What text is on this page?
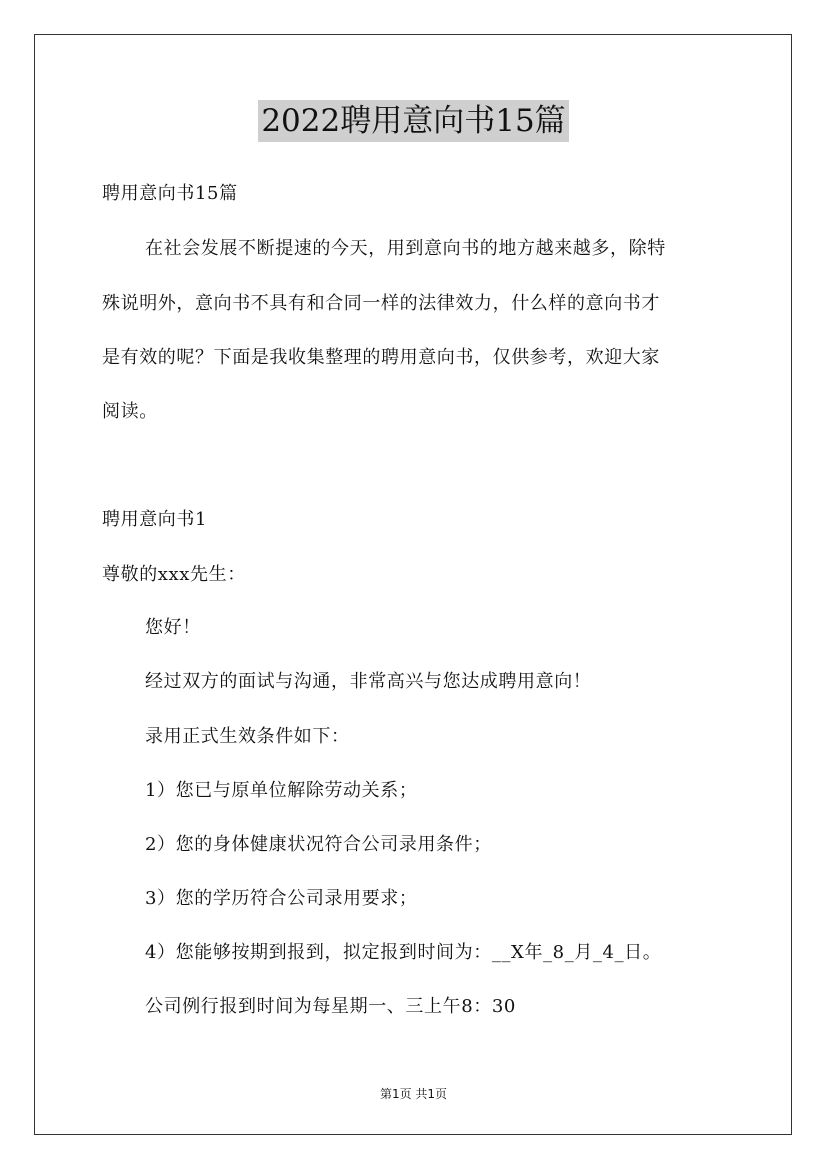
2022聘用意向书15篇
聘用意向书15篇
在社会发展不断提速的今天，用到意向书的地方越来越多，除特
殊说明外，意向书不具有和合同一样的法律效力，什么样的意向书才
是有效的呢？下面是我收集整理的聘用意向书，仅供参考，欢迎大家
阅读。
聘用意向书1
尊敬的xxx先生：
您好！
经过双方的面试与沟通，非常高兴与您达成聘用意向！
录用正式生效条件如下：
1）您已与原单位解除劳动关系；
2）您的身体健康状况符合公司录用条件；
3）您的学历符合公司录用要求；
4）您能够按期到报到，拟定报到时间为：__X年_8_月_4_日。
公司例行报到时间为每星期一、三上午8：30
第1页 共1页
